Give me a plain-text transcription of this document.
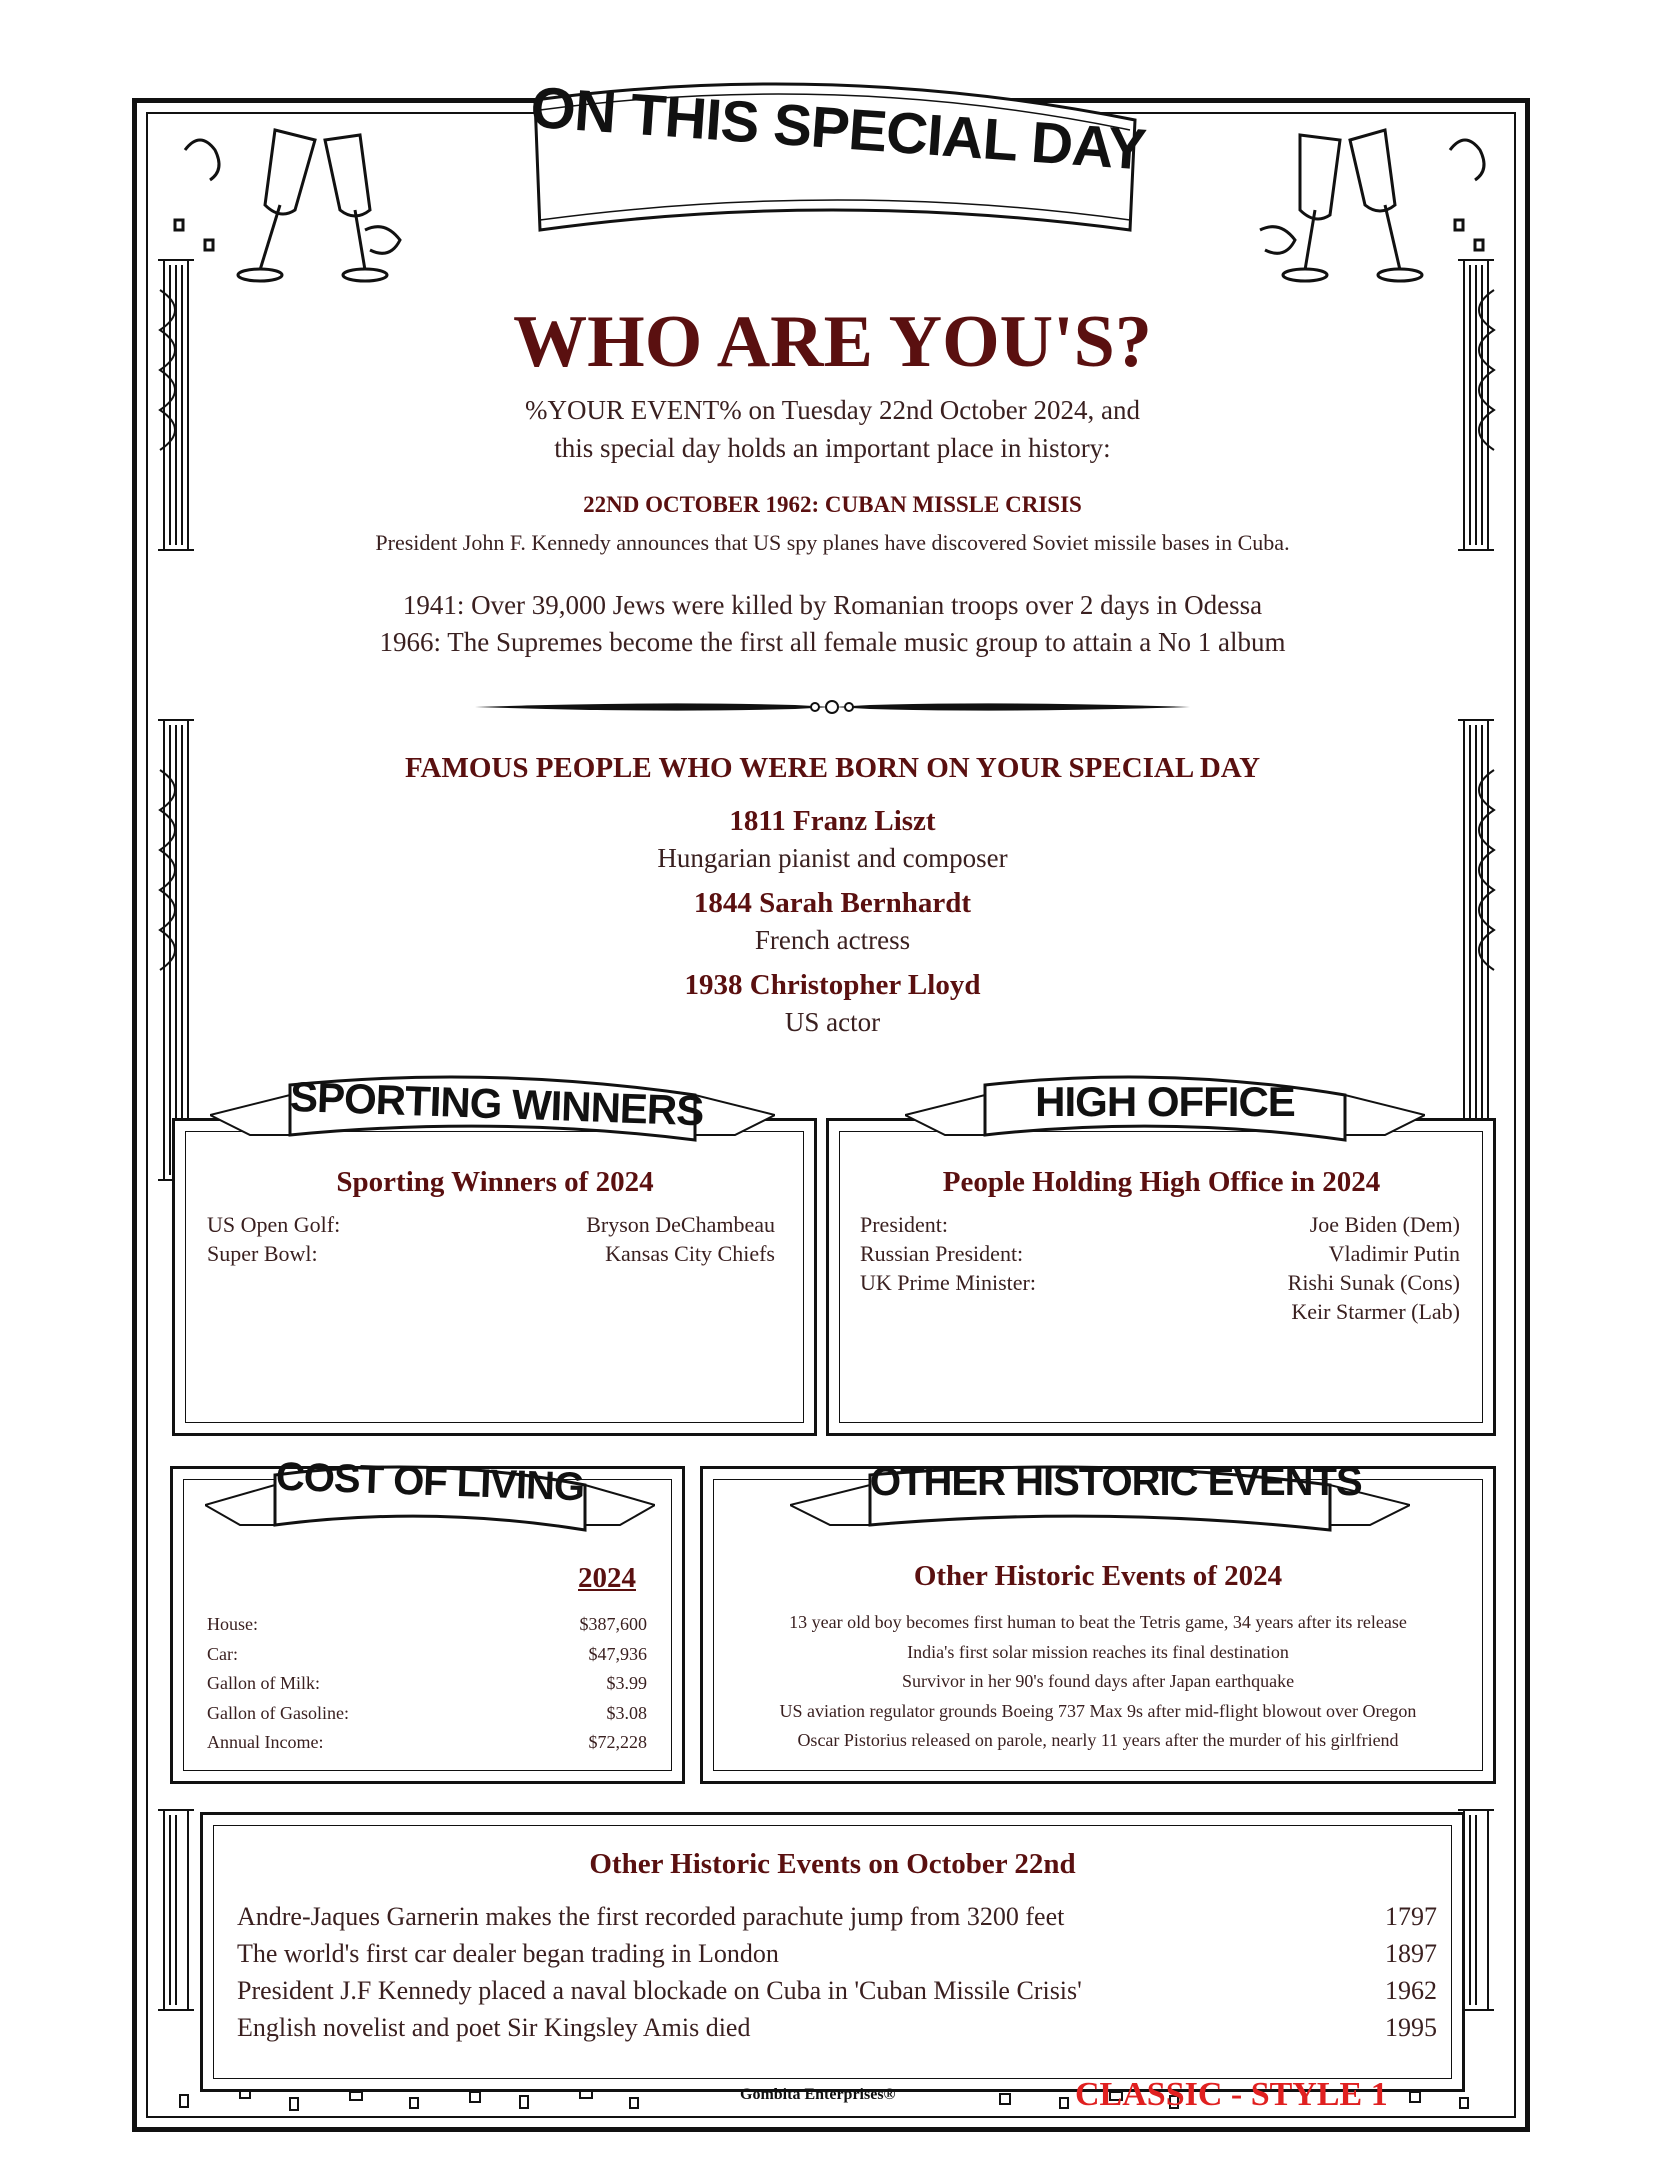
ON THIS SPECIAL DAY
WHO ARE YOU'S?
%YOUR EVENT% on Tuesday 22nd October 2024, and
this special day holds an important place in history:
22ND OCTOBER 1962: CUBAN MISSLE CRISIS
President John F. Kennedy announces that US spy planes have discovered Soviet missile bases in Cuba.
1941: Over 39,000 Jews were killed by Romanian troops over 2 days in Odessa
1966: The Supremes become the first all female music group to attain a No 1 album
FAMOUS PEOPLE WHO WERE BORN ON YOUR SPECIAL DAY
1811 Franz Liszt
Hungarian pianist and composer
1844 Sarah Bernhardt
French actress
1938 Christopher Lloyd
US actor
SPORTING WINNERS
Sporting Winners of 2024
US Open Golf:	Bryson DeChambeau
Super Bowl:	Kansas City Chiefs
HIGH OFFICE
People Holding High Office in 2024
President:	Joe Biden (Dem)
Russian President:	Vladimir Putin
UK Prime Minister:	Rishi Sunak (Cons)
Keir Starmer (Lab)
COST OF LIVING
2024
House:	$387,600
Car:	$47,936
Gallon of Milk:	$3.99
Gallon of Gasoline:	$3.08
Annual Income:	$72,228
OTHER HISTORIC EVENTS
Other Historic Events of 2024
13 year old boy becomes first human to beat the Tetris game, 34 years after its release
India's first solar mission reaches its final destination
Survivor in her 90's found days after Japan earthquake
US aviation regulator grounds Boeing 737 Max 9s after mid-flight blowout over Oregon
Oscar Pistorius released on parole, nearly 11 years after the murder of his girlfriend
Other Historic Events on October 22nd
Andre-Jaques Garnerin makes the first recorded parachute jump from 3200 feet	1797
The world's first car dealer began trading in London	1897
President J.F Kennedy placed a naval blockade on Cuba in 'Cuban Missile Crisis'	1962
English novelist and poet Sir Kingsley Amis died	1995
Gombita Enterprises®	CLASSIC - STYLE 1
